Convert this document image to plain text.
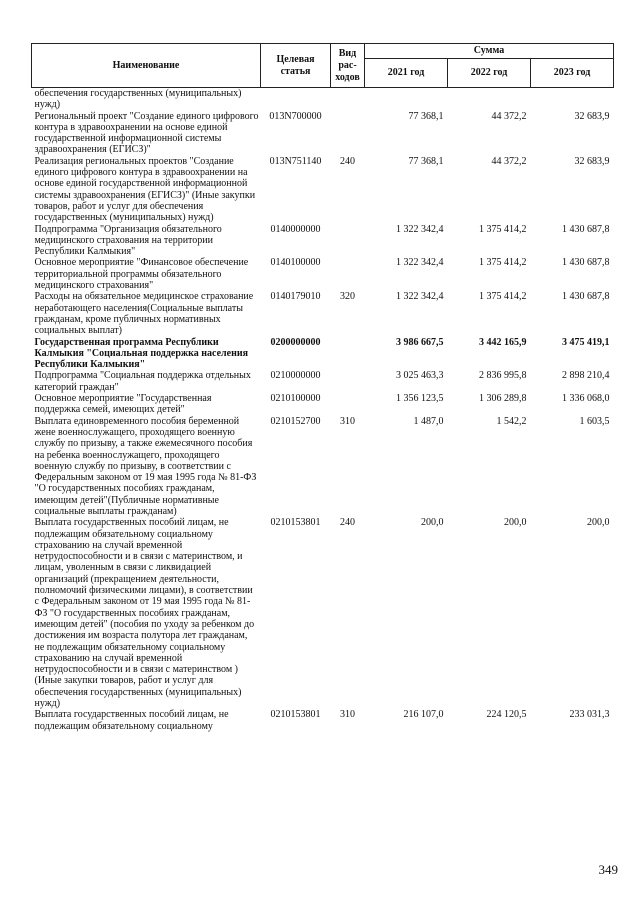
Наименование	Целевая статья	Вид рас-ходов	Сумма		
			2021 год	2022 год	2023 год
обеспечения государственных (муниципальных) нужд)					
Региональный проект "Создание единого цифрового контура в здравоохранении на основе единой государственной информационной системы здравоохранения (ЕГИСЗ)"	013N700000		77 368,1	44 372,2	32 683,9
Реализация региональных проектов "Создание единого цифрового контура в здравоохранении на основе единой государственной информационной системы здравоохранения (ЕГИСЗ)" (Иные закупки товаров, работ и услуг для обеспечения государственных (муниципальных) нужд)	013N751140	240	77 368,1	44 372,2	32 683,9
Подпрограмма "Организация обязательного медицинского страхования на территории Республики Калмыкия"	0140000000		1 322 342,4	1 375 414,2	1 430 687,8
Основное мероприятие "Финансовое обеспечение территориальной программы обязательного медицинского страхования"	0140100000		1 322 342,4	1 375 414,2	1 430 687,8
Расходы на обязательное медицинское страхование неработающего населения(Социальные выплаты гражданам, кроме публичных нормативных социальных выплат)	0140179010	320	1 322 342,4	1 375 414,2	1 430 687,8
Государственная программа Республики Калмыкия "Социальная поддержка населения Республики Калмыкия"	0200000000		3 986 667,5	3 442 165,9	3 475 419,1
Подпрограмма "Социальная поддержка отдельных категорий граждан"	0210000000		3 025 463,3	2 836 995,8	2 898 210,4
Основное мероприятие "Государственная поддержка семей, имеющих детей"	0210100000		1 356 123,5	1 306 289,8	1 336 068,0
Выплата единовременного пособия беременной жене военнослужащего, проходящего военную службу по призыву, а также ежемесячного пособия на ребенка военнослужащего, проходящего военную службу по призыву, в соответствии с Федеральным законом от 19 мая 1995 года № 81-ФЗ "О государственных пособиях гражданам, имеющим детей"(Публичные нормативные социальные выплаты гражданам)	0210152700	310	1 487,0	1 542,2	1 603,5
Выплата государственных пособий лицам, не подлежащим обязательному социальному страхованию на случай временной нетрудоспособности и в связи с материнством, и лицам, уволенным в связи с ликвидацией организаций (прекращением деятельности, полномочий физическими лицами), в соответствии с Федеральным законом от 19 мая 1995 года № 81-ФЗ "О государственных пособиях гражданам, имеющим детей" (пособия по уходу за ребенком до достижения им возраста полутора лет гражданам, не подлежащим обязательному социальному страхованию на случай временной нетрудоспособности и в связи с материнством )(Иные закупки товаров, работ и услуг для обеспечения государственных (муниципальных) нужд)	0210153801	240	200,0	200,0	200,0
Выплата государственных пособий лицам, не подлежащим обязательному социальному	0210153801	310	216 107,0	224 120,5	233 031,3
349
